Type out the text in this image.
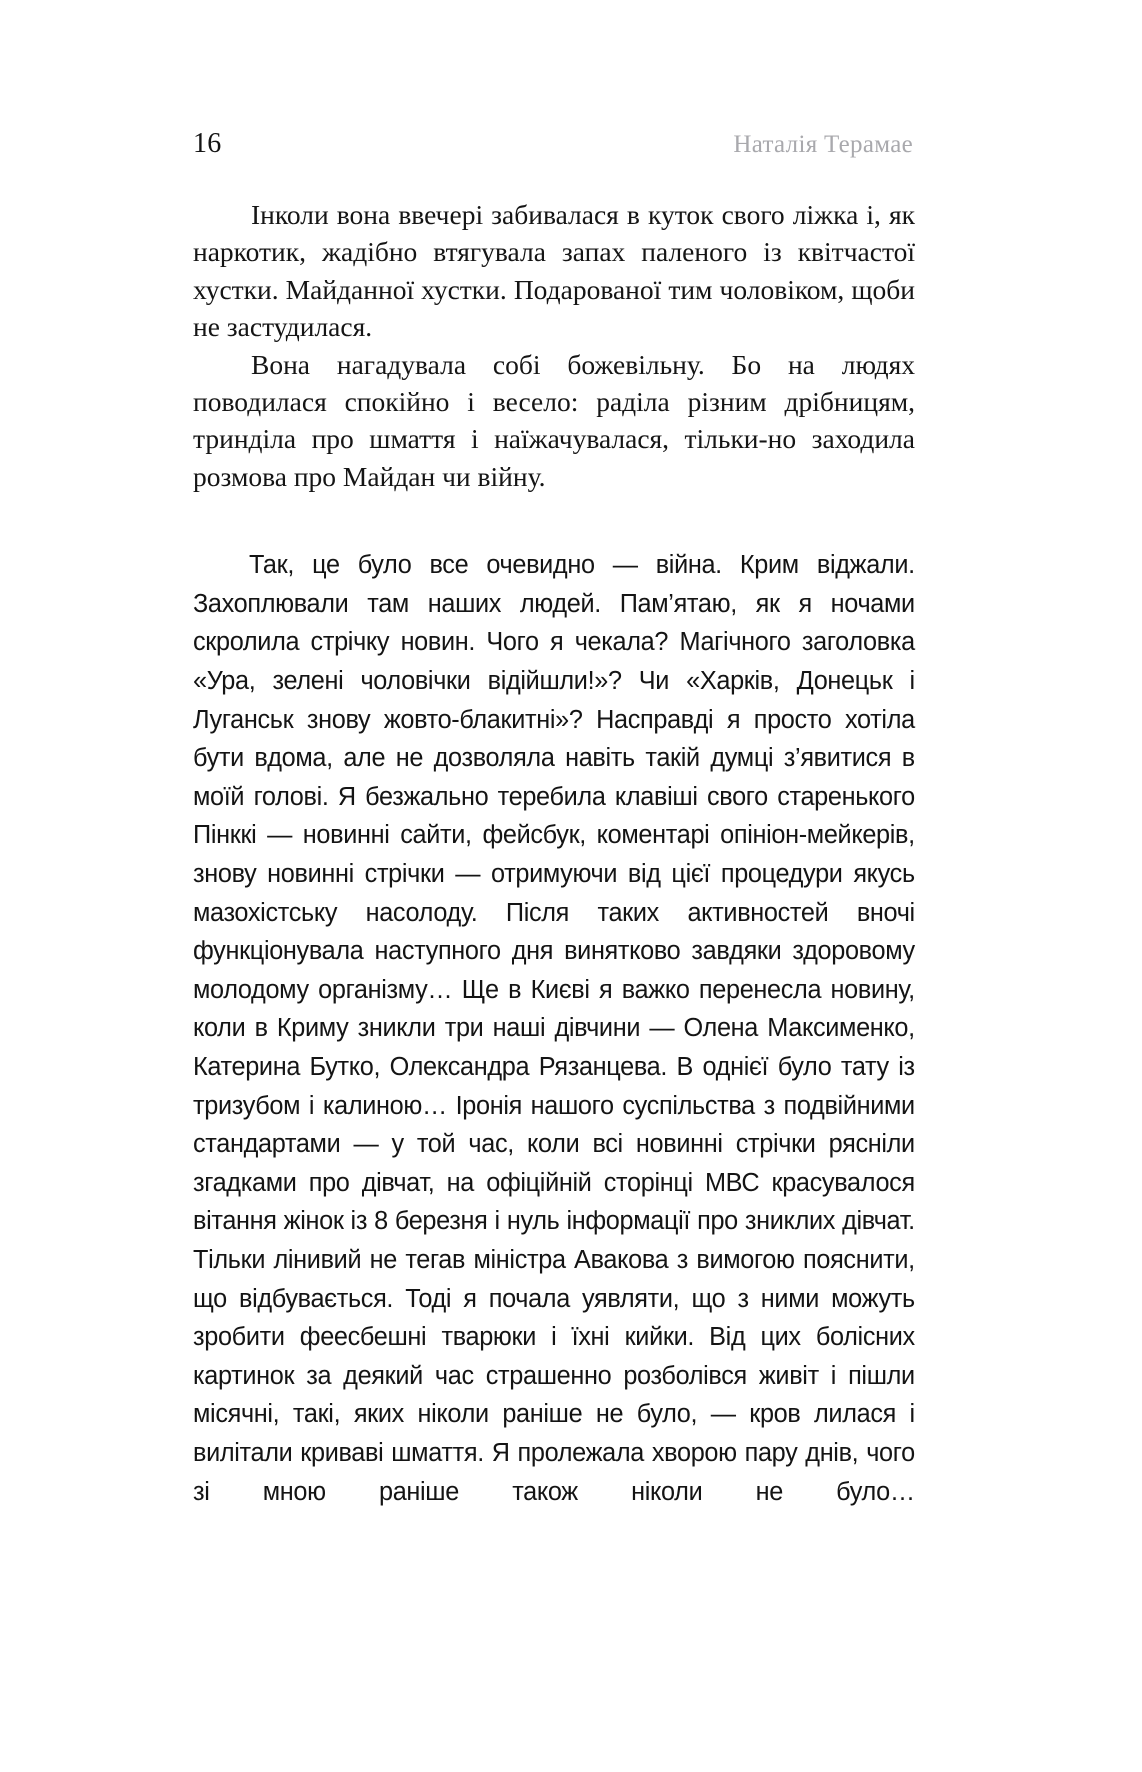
16	Наталія Терамае

Інколи вона ввечері забивалася в куток свого ліжка і, як наркотик, жадібно втягувала запах паленого із квітчастої хустки. Майданної хустки. Подарованої тим чоловіком, щоби не застудилася.

Вона нагадувала собі божевільну. Бо на людях поводилася спокійно і весело: раділа різним дрібницям, тринділа про шмаття і наїжачувалася, тільки-но заходила розмова про Майдан чи війну.

Так, це було все очевидно — війна. Крим віджали. Захоплювали там наших людей. Пам’ятаю, як я ночами скролила стрічку новин. Чого я чекала? Магічного заголовка «Ура, зелені чоловічки відійшли!»? Чи «Харків, Донецьк і Луганськ знову жовто-блакитні»? Насправді я просто хотіла бути вдома, але не дозволяла навіть такій думці з’явитися в моїй голові. Я безжально теребила клавіші свого старенького Пінккі — новинні сайти, фейсбук, коментарі опініон-мейкерів, знову новинні стрічки — отримуючи від цієї процедури якусь мазохістську насолоду. Після таких активностей вночі функціонувала наступного дня винятково завдяки здоровому молодому організму… Ще в Києві я важко перенесла новину, коли в Криму зникли три наші дівчини — Олена Максименко, Катерина Бутко, Олександра Рязанцева. В однієї було тату із тризубом і калиною… Іронія нашого суспільства з подвійними стандартами — у той час, коли всі новинні стрічки рясніли згадками про дівчат, на офіційній сторінці МВС красувалося вітання жінок із 8 березня і нуль інформації про зниклих дівчат. Тільки лінивий не тегав міністра Авакова з вимогою пояснити, що відбувається. Тоді я почала уявляти, що з ними можуть зробити феесбешні тварюки і їхні кийки. Від цих болісних картинок за деякий час страшенно розболівся живіт і пішли місячні, такі, яких ніколи раніше не було, — кров лилася і вилітали криваві шмаття. Я пролежала хворою пару днів, чого зі мною раніше також ніколи не було…
